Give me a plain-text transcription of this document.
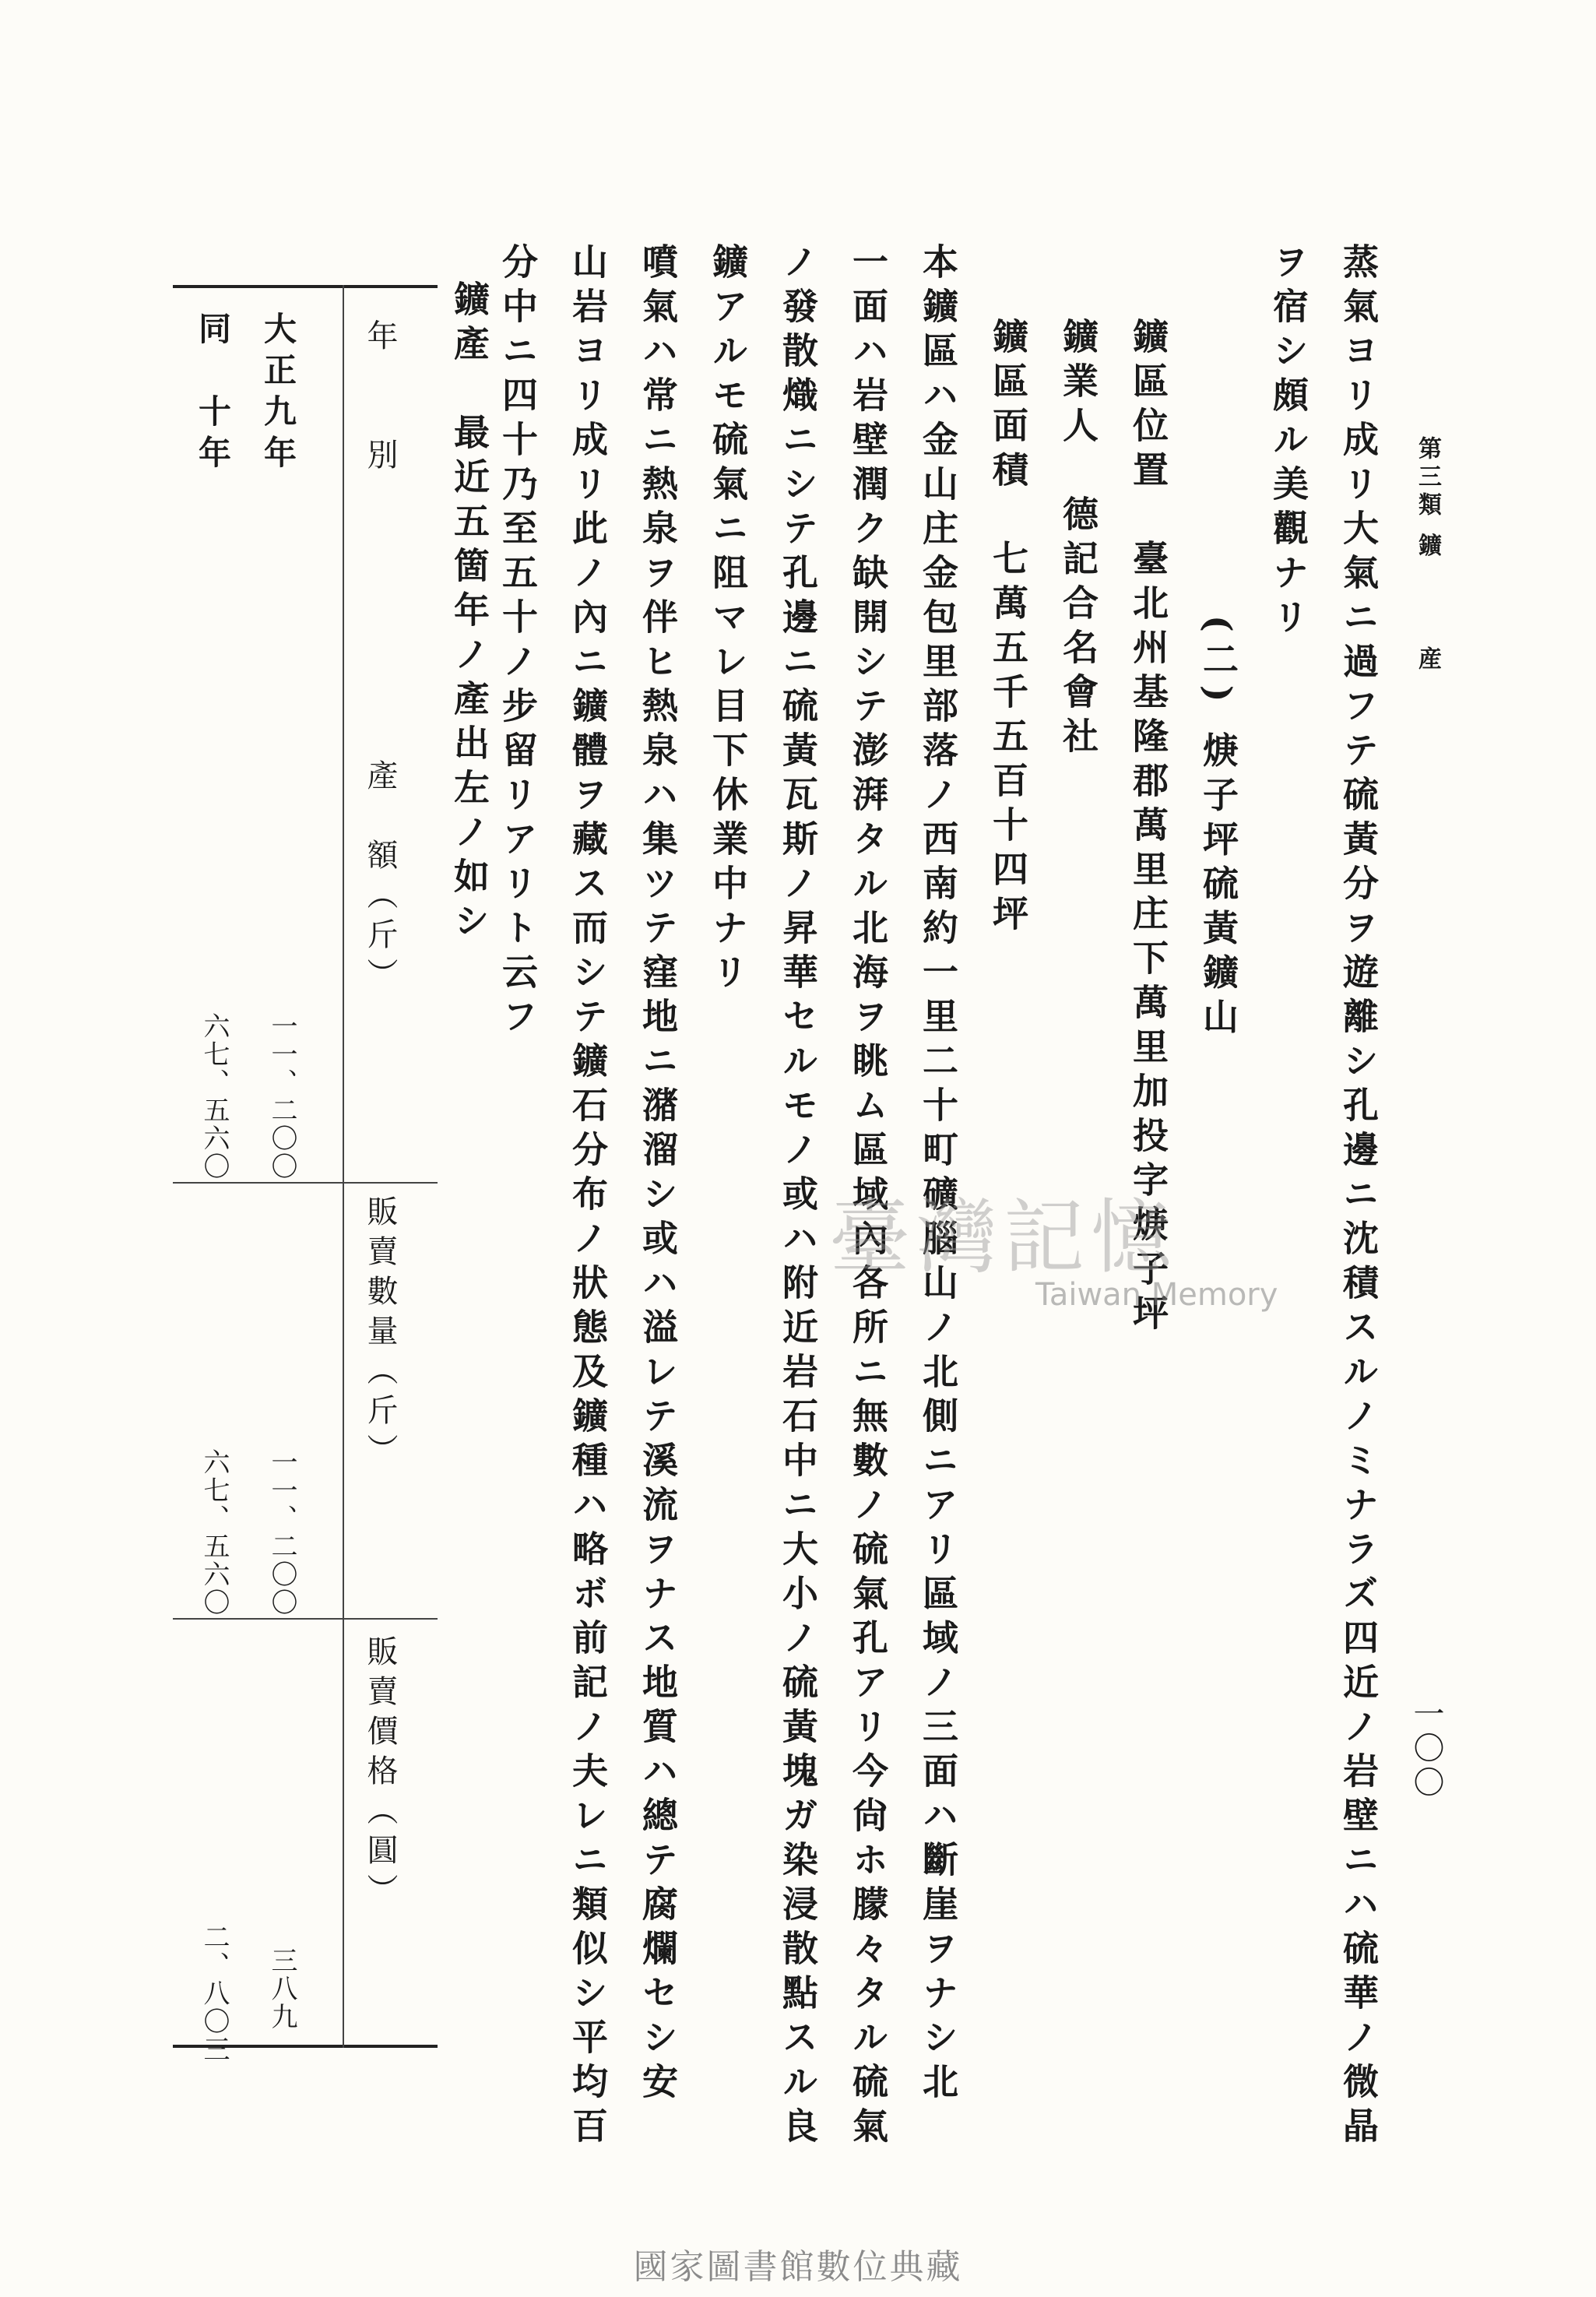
第三類 鑛
産
一〇〇
蒸氣ヨリ成リ大氣ニ過フテ硫黃分ヲ遊離シ孔邊ニ沈積スルノミナラズ四近ノ岩壁ニハ硫華ノ微晶
ヲ宿シ頗ル美觀ナリ
(二) 焿子坪硫黃鑛山
鑛區位置　臺北州基隆郡萬里庄下萬里加投字焿子坪
鑛業人　德記合名會社
鑛區面積　七萬五千五百十四坪
本鑛區ハ金山庄金包里部落ノ西南約一里二十町礦腦山ノ北側ニアリ區域ノ三面ハ斷崖ヲナシ北
一面ハ岩壁潤ク缺開シテ澎湃タル北海ヲ眺ム區域內各所ニ無數ノ硫氣孔アリ今尙ホ朦々タル硫氣
ノ發散熾ニシテ孔邊ニ硫黃瓦斯ノ昇華セルモノ或ハ附近岩石中ニ大小ノ硫黃塊ガ染浸散點スル良
鑛アルモ硫氣ニ阻マレ目下休業中ナリ
噴氣ハ常ニ熱泉ヲ伴ヒ熱泉ハ集ツテ窪地ニ潴溜シ或ハ溢レテ溪流ヲナス地質ハ總テ腐爛セシ安
山岩ヨリ成リ此ノ內ニ鑛體ヲ藏ス而シテ鑛石分布ノ狀態及鑛種ハ略ボ前記ノ夫レニ類似シ平均百
分中ニ四十乃至五十ノ步留リアリト云フ
鑛產　最近五箇年ノ產出左ノ如シ
年　　別
產　額（斤）
販賣數量（斤）
販賣價格（圓）
大正九年
一一、二〇〇
一一、二〇〇
三八九
同　十年
六七、五六〇
六七、五六〇
二、八〇三
臺灣記憶
Taiwan Memory
國家圖書館數位典藏
